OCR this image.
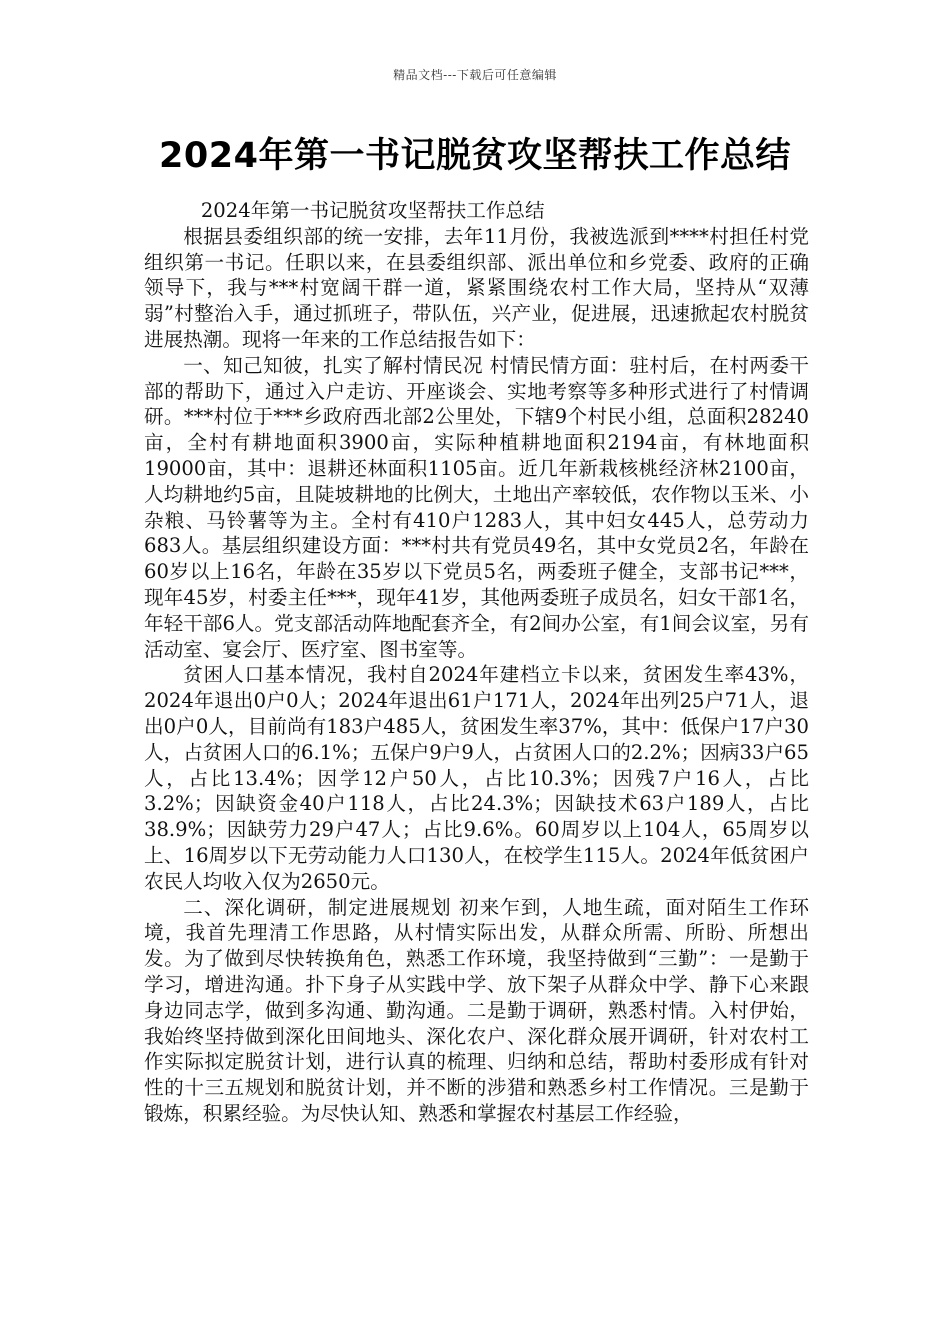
精品文档---下载后可任意编辑
2024年第一书记脱贫攻坚帮扶工作总结

2024年第一书记脱贫攻坚帮扶工作总结

根据县委组织部的统一安排，去年11月份，我被选派到****村担任村党组织第一书记。任职以来，在县委组织部、派出单位和乡党委、政府的正确领导下，我与***村宽阔干群一道，紧紧围绕农村工作大局，坚持从“双薄弱”村整治入手，通过抓班子，带队伍，兴产业，促进展，迅速掀起农村脱贫进展热潮。现将一年来的工作总结报告如下：

一、知己知彼，扎实了解村情民况 村情民情方面：驻村后，在村两委干部的帮助下，通过入户走访、开座谈会、实地考察等多种形式进行了村情调研。***村位于***乡政府西北部2公里处，下辖9个村民小组，总面积28240亩，全村有耕地面积3900亩，实际种植耕地面积2194亩，有林地面积19000亩，其中：退耕还林面积1105亩。近几年新栽核桃经济林2100亩，人均耕地约5亩，且陡坡耕地的比例大，土地出产率较低，农作物以玉米、小杂粮、马铃薯等为主。全村有410户1283人，其中妇女445人，总劳动力683人。基层组织建设方面：***村共有党员49名，其中女党员2名，年龄在60岁以上16名，年龄在35岁以下党员5名，两委班子健全，支部书记***，现年45岁，村委主任***，现年41岁，其他两委班子成员名，妇女干部1名，年轻干部6人。党支部活动阵地配套齐全，有2间办公室，有1间会议室，另有活动室、宴会厅、医疗室、图书室等。

贫困人口基本情况，我村自2024年建档立卡以来，贫困发生率43%，2024年退出0户0人；2024年退出61户171人，2024年出列25户71人，退出0户0人，目前尚有183户485人，贫困发生率37%，其中：低保户17户30人，占贫困人口的6.1%；五保户9户9人，占贫困人口的2.2%；因病33户65人，占比13.4%；因学12户50人，占比10.3%；因残7户16人，占比3.2%；因缺资金40户118人，占比24.3%；因缺技术63户189人，占比38.9%；因缺劳力29户47人；占比9.6%。60周岁以上104人，65周岁以上、16周岁以下无劳动能力人口130人，在校学生115人。2024年低贫困户农民人均收入仅为2650元。

二、深化调研，制定进展规划 初来乍到，人地生疏，面对陌生工作环境，我首先理清工作思路，从村情实际出发，从群众所需、所盼、所想出发。为了做到尽快转换角色，熟悉工作环境，我坚持做到“三勤”：一是勤于学习，增进沟通。扑下身子从实践中学、放下架子从群众中学、静下心来跟身边同志学，做到多沟通、勤沟通。二是勤于调研，熟悉村情。入村伊始，我始终坚持做到深化田间地头、深化农户、深化群众展开调研，针对农村工作实际拟定脱贫计划，进行认真的梳理、归纳和总结，帮助村委形成有针对性的十三五规划和脱贫计划，并不断的涉猎和熟悉乡村工作情况。三是勤于锻炼，积累经验。为尽快认知、熟悉和掌握农村基层工作经验，
